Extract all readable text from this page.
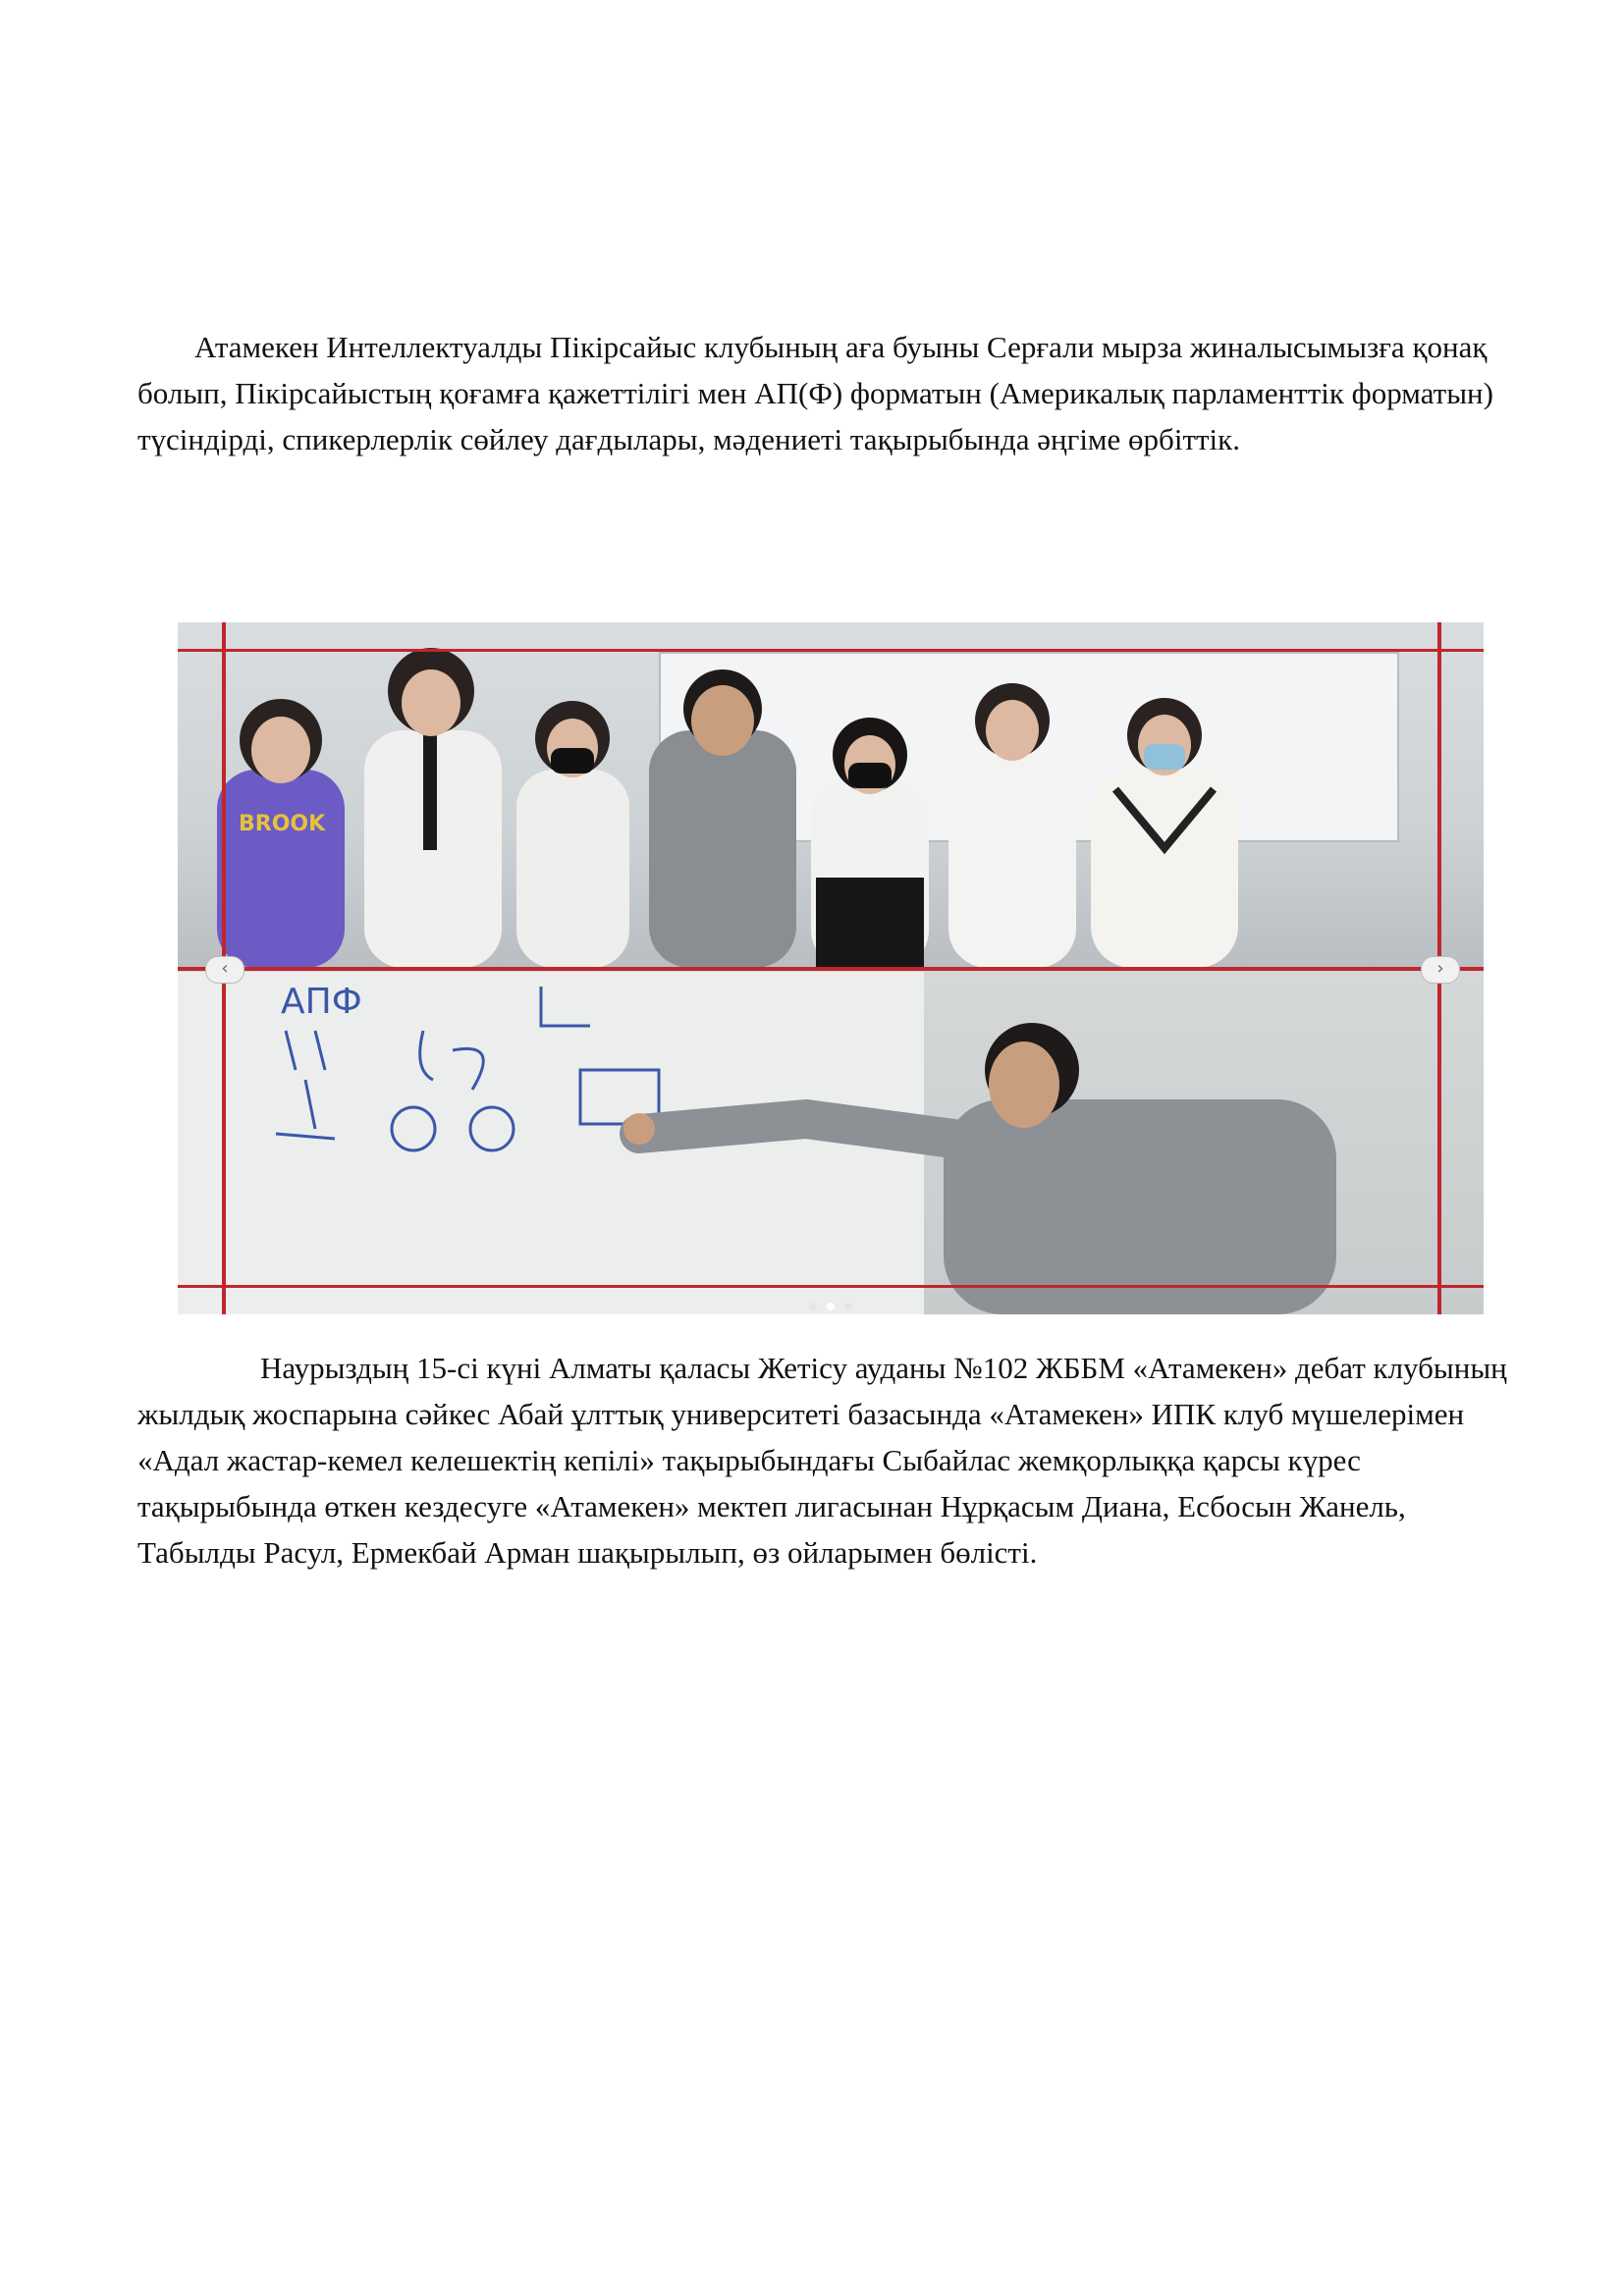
Атамекен Интеллектуалды Пікірсайыс клубының аға буыны Серғали мырза жиналысымызға қонақ болып, Пікірсайыстың қоғамға қажеттілігі мен АП(Ф) форматын (Америкалық парламенттік форматын) түсіндірді, спикерлерлік сөйлеу дағдылары, мәдениеті тақырыбында әңгіме өрбіттік.

BROOK
АПФ
‹	›

Наурыздың 15-сі күні Алматы қаласы Жетісу ауданы №102 ЖББМ «Атамекен» дебат клубының жылдық жоспарына сәйкес Абай ұлттық университеті базасында «Атамекен» ИПК клуб мүшелерімен «Адал жастар-кемел келешектің кепілі» тақырыбындағы Сыбайлас жемқорлыққа қарсы күрес тақырыбында өткен кездесуге «Атамекен» мектеп лигасынан Нұрқасым Диана, Есбосын Жанель, Табылды Расул, Ермекбай Арман шақырылып, өз ойларымен бөлісті.
